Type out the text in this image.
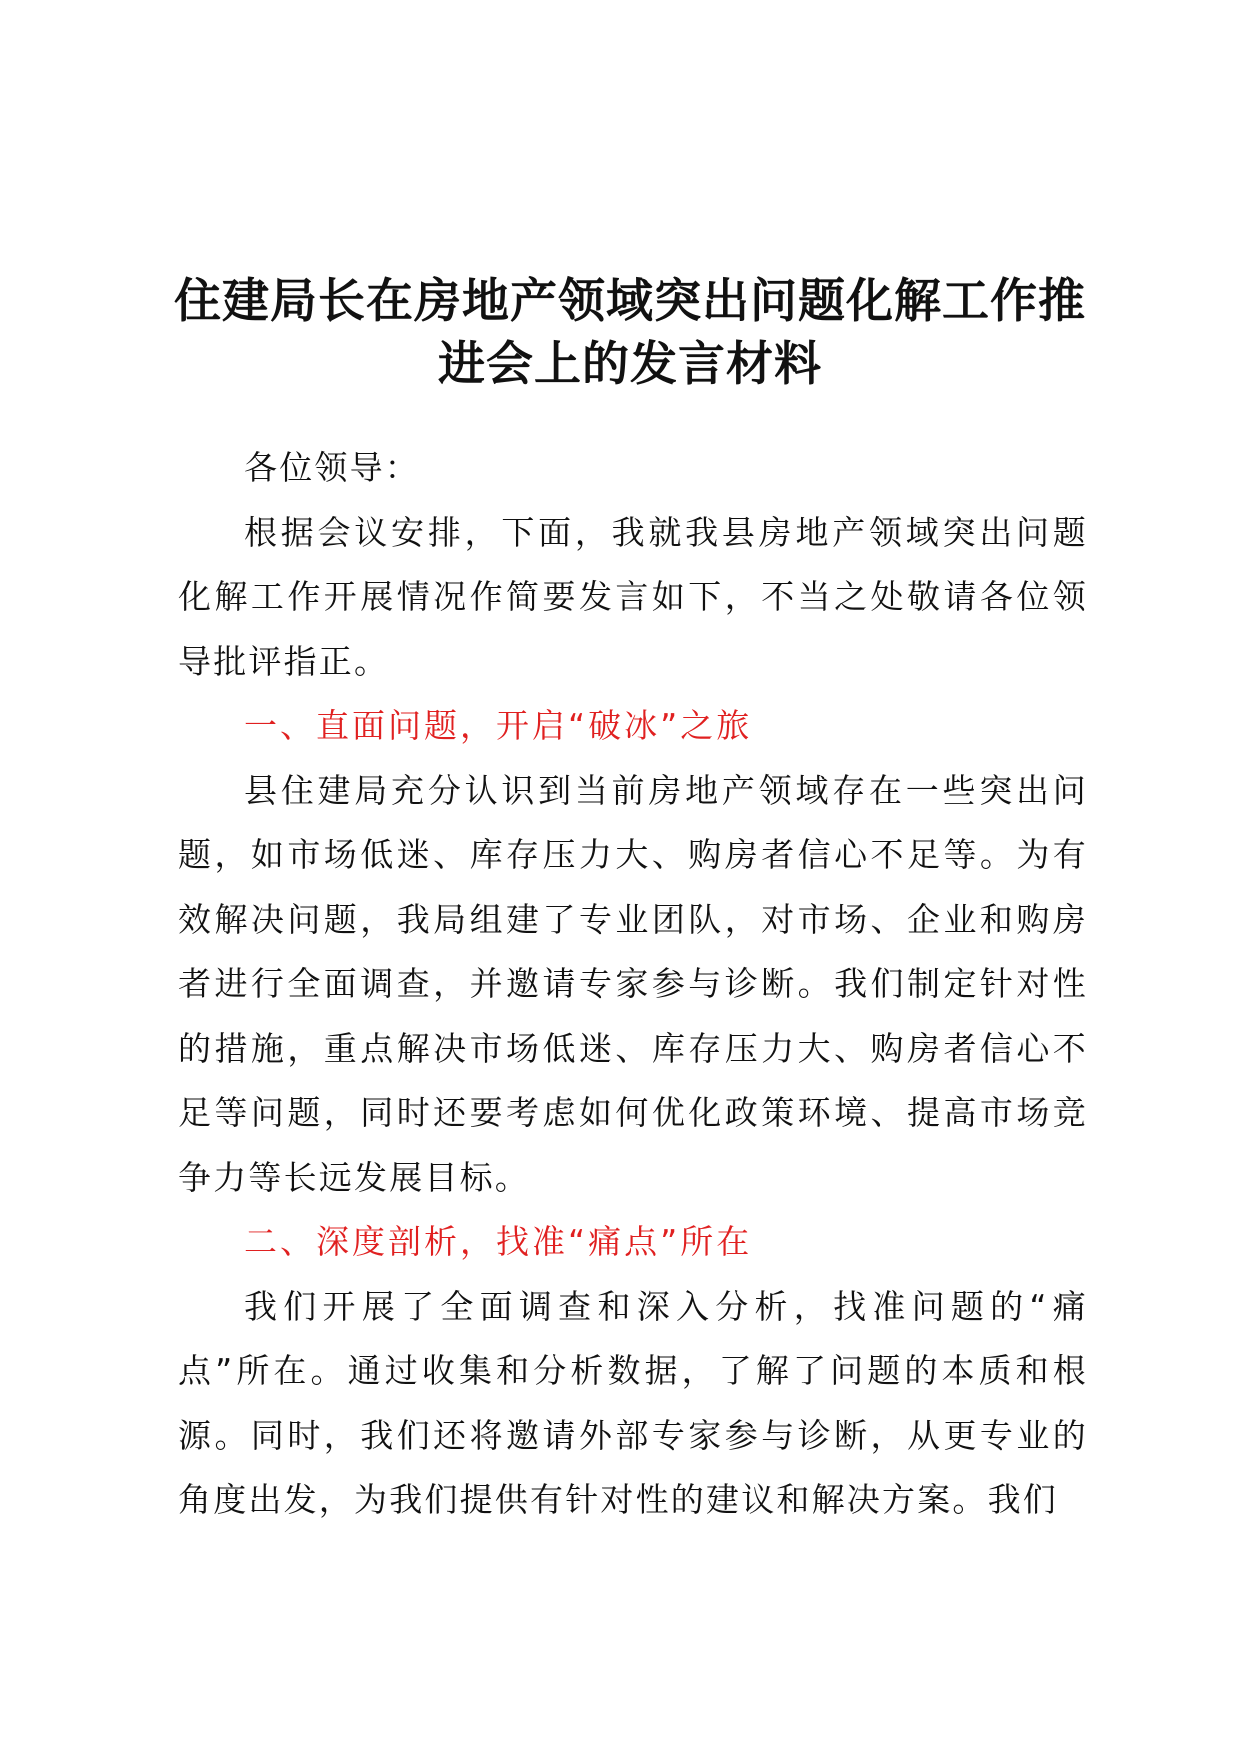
住建局长在房地产领域突出问题化解工作推
进会上的发言材料

各位领导：

根据会议安排，下面，我就我县房地产领域突出问题化解工作开展情况作简要发言如下，不当之处敬请各位领导批评指正。

一、直面问题，开启“破冰”之旅

县住建局充分认识到当前房地产领域存在一些突出问题，如市场低迷、库存压力大、购房者信心不足等。为有效解决问题，我局组建了专业团队，对市场、企业和购房者进行全面调查，并邀请专家参与诊断。我们制定针对性的措施，重点解决市场低迷、库存压力大、购房者信心不足等问题，同时还要考虑如何优化政策环境、提高市场竞争力等长远发展目标。

二、深度剖析，找准“痛点”所在

我们开展了全面调查和深入分析，找准问题的“痛点”所在。通过收集和分析数据，了解了问题的本质和根源。同时，我们还将邀请外部专家参与诊断，从更专业的角度出发，为我们提供有针对性的建议和解决方案。我们
